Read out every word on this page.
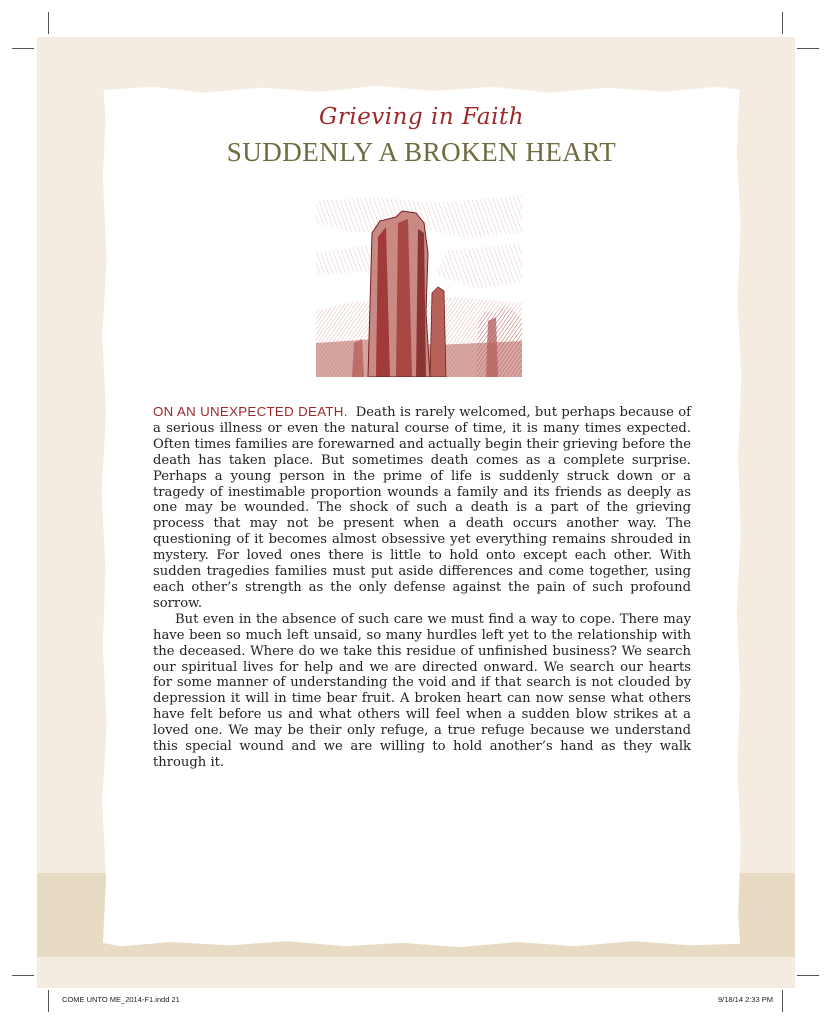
Grieving in Faith
SUDDENLY A BROKEN HEART

ON AN UNEXPECTED DEATH. Death is rarely welcomed, but perhaps because of a serious illness or even the natural course of time, it is many times expected. Often times families are forewarned and actually begin their grieving before the death has taken place. But sometimes death comes as a complete surprise. Perhaps a young person in the prime of life is suddenly struck down or a tragedy of inestimable proportion wounds a family and its friends as deeply as one may be wounded. The shock of such a death is a part of the grieving process that may not be present when a death occurs another way. The questioning of it becomes almost obsessive yet everything remains shrouded in mystery. For loved ones there is little to hold onto except each other. With sudden tragedies families must put aside differences and come together, using each other’s strength as the only defense against the pain of such profound sorrow.

But even in the absence of such care we must find a way to cope. There may have been so much left unsaid, so many hurdles left yet to the relationship with the deceased. Where do we take this residue of unfinished business? We search our spiritual lives for help and we are directed onward. We search our hearts for some manner of understanding the void and if that search is not clouded by depression it will in time bear fruit. A broken heart can now sense what others have felt before us and what others will feel when a sudden blow strikes at a loved one. We may be their only refuge, a true refuge because we understand this special wound and we are willing to hold another’s hand as they walk through it.

COME UNTO ME_2014-F1.indd 21	9/18/14 2:33 PM
